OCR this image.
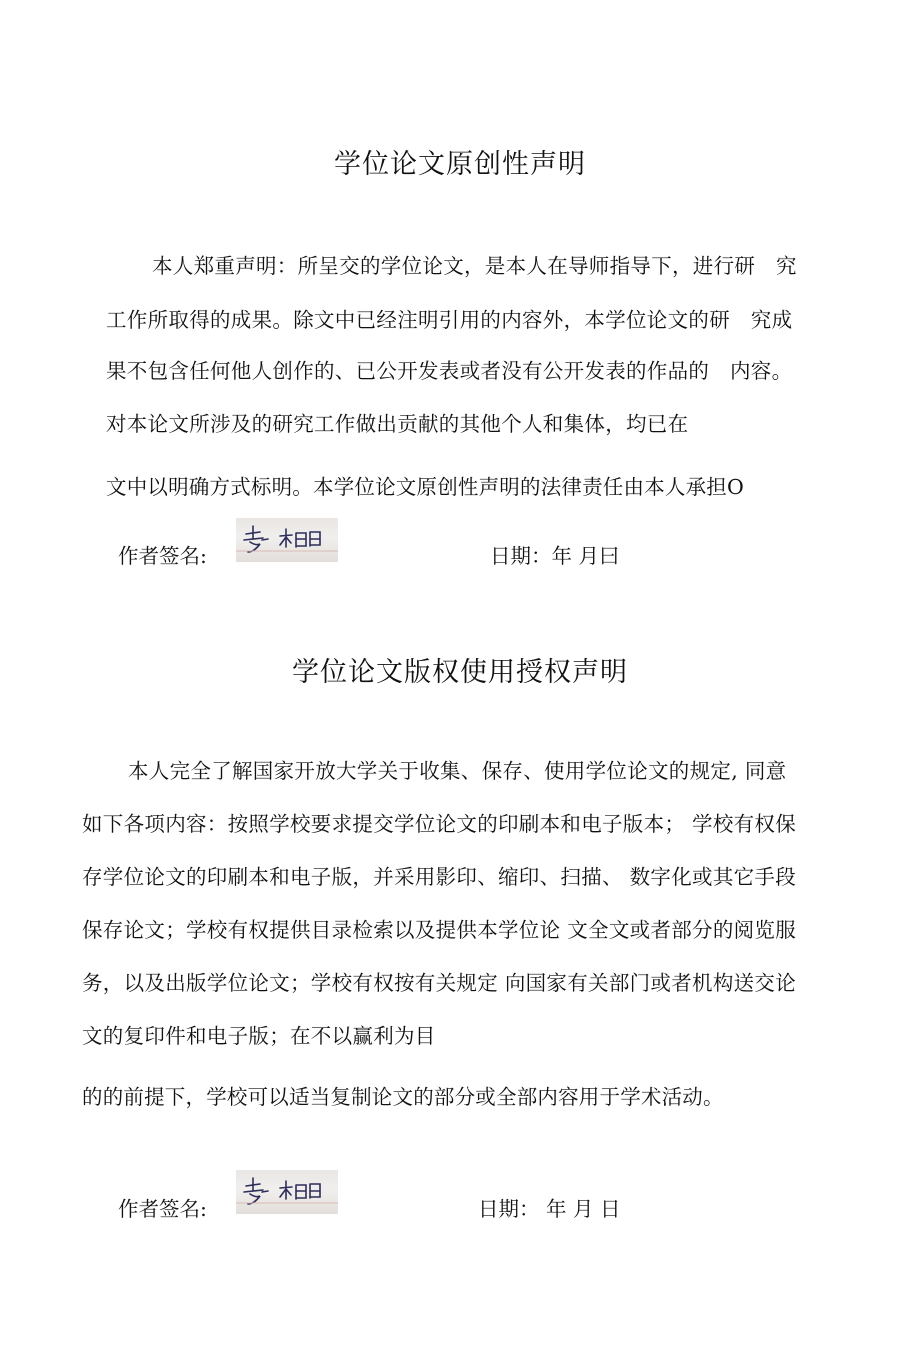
学位论文原创性声明

本人郑重声明：所呈交的学位论文，是本人在导师指导下，进行研　究

工作所取得的成果。除文中已经注明引用的内容外，本学位论文的研　究成

果不包含任何他人创作的、已公开发表或者没有公开发表的作品的　内容。

对本论文所涉及的研究工作做出贡献的其他个人和集体，均已在

文中以明确方式标明。本学位论文原创性声明的法律责任由本人承担O

作者签名:
李 相日
日期：年 月曰
学位论文版权使用授权声明

本人完全了解国家开放大学关于收集、保存、使用学位论文的规定, 同意

如下各项内容：按照学校要求提交学位论文的印刷本和电子版本； 学校有权保

存学位论文的印刷本和电子版，并采用影印、缩印、扫描、 数字化或其它手段

保存论文；学校有权提供目录检索以及提供本学位论 文全文或者部分的阅览服

务，以及出版学位论文；学校有权按有关规定 向国家有关部门或者机构送交论

文的复印件和电子版；在不以赢利为目

的的前提下，学校可以适当复制论文的部分或全部内容用于学术活动。

作者签名:
李 相日
日期： 年 月 日
